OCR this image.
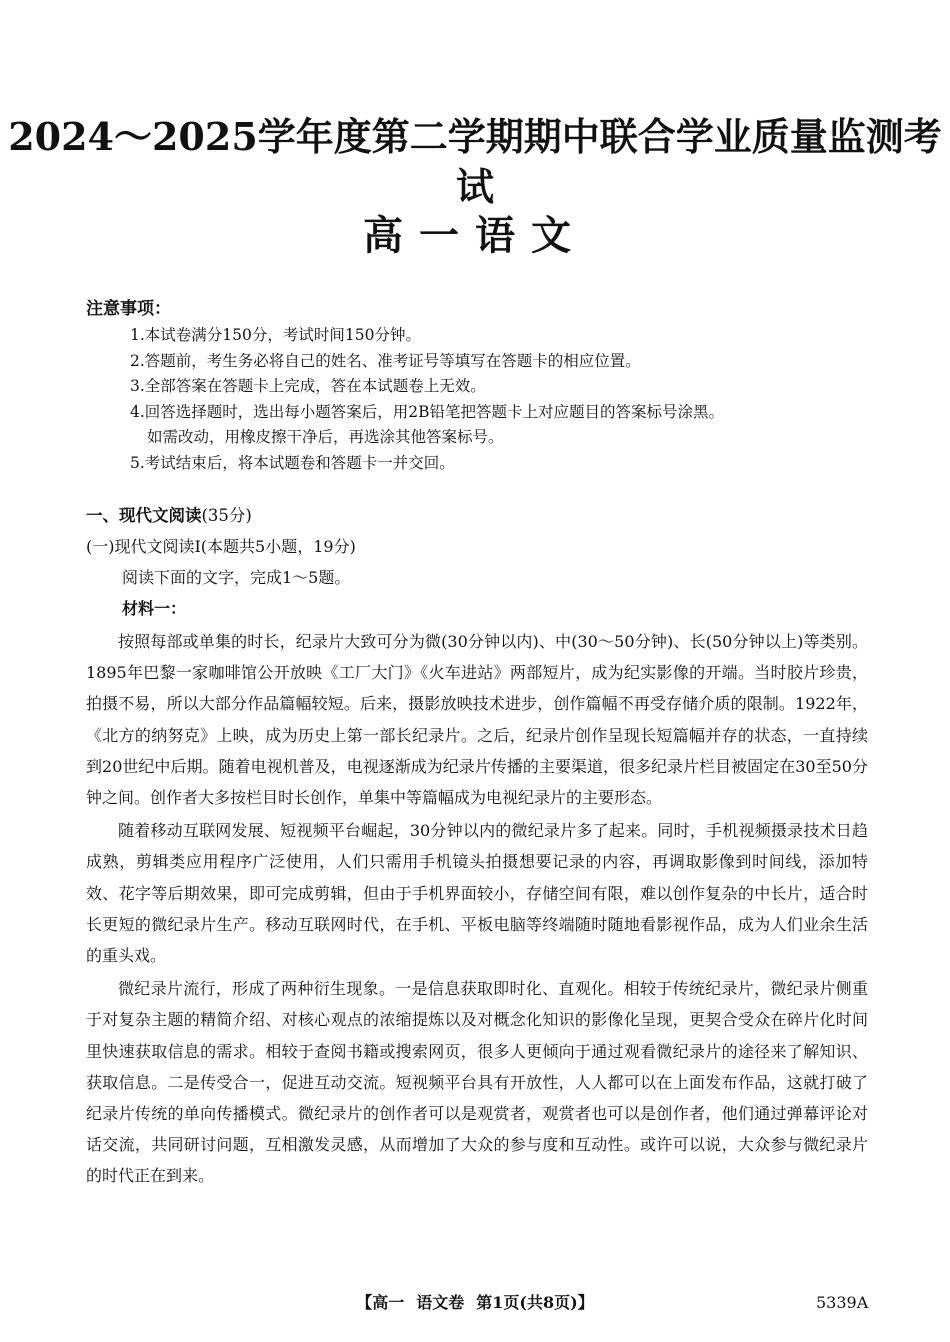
2024～2025学年度第二学期期中联合学业质量监测考试
高一语文
注意事项：
1.本试卷满分150分，考试时间150分钟。
2.答题前，考生务必将自己的姓名、准考证号等填写在答题卡的相应位置。
3.全部答案在答题卡上完成，答在本试题卷上无效。
4.回答选择题时，选出每小题答案后，用2B铅笔把答题卡上对应题目的答案标号涂黑。
如需改动，用橡皮擦干净后，再选涂其他答案标号。
5.考试结束后，将本试题卷和答题卡一并交回。
一、现代文阅读(35分)
(一)现代文阅读Ⅰ(本题共5小题，19分)
阅读下面的文字，完成1～5题。
材料一：

按照每部或单集的时长，纪录片大致可分为微(30分钟以内)、中(30～50分钟)、长(50分钟以上)等类别。1895年巴黎一家咖啡馆公开放映《工厂大门》《火车进站》两部短片，成为纪实影像的开端。当时胶片珍贵，拍摄不易，所以大部分作品篇幅较短。后来，摄影放映技术进步，创作篇幅不再受存储介质的限制。1922年，《北方的纳努克》上映，成为历史上第一部长纪录片。之后，纪录片创作呈现长短篇幅并存的状态，一直持续到20世纪中后期。随着电视机普及，电视逐渐成为纪录片传播的主要渠道，很多纪录片栏目被固定在30至50分钟之间。创作者大多按栏目时长创作，单集中等篇幅成为电视纪录片的主要形态。

随着移动互联网发展、短视频平台崛起，30分钟以内的微纪录片多了起来。同时，手机视频摄录技术日趋成熟，剪辑类应用程序广泛使用，人们只需用手机镜头拍摄想要记录的内容，再调取影像到时间线，添加特效、花字等后期效果，即可完成剪辑，但由于手机界面较小，存储空间有限，难以创作复杂的中长片，适合时长更短的微纪录片生产。移动互联网时代，在手机、平板电脑等终端随时随地看影视作品，成为人们业余生活的重头戏。

微纪录片流行，形成了两种衍生现象。一是信息获取即时化、直观化。相较于传统纪录片，微纪录片侧重于对复杂主题的精简介绍、对核心观点的浓缩提炼以及对概念化知识的影像化呈现，更契合受众在碎片化时间里快速获取信息的需求。相较于查阅书籍或搜索网页，很多人更倾向于通过观看微纪录片的途径来了解知识、获取信息。二是传受合一，促进互动交流。短视频平台具有开放性，人人都可以在上面发布作品，这就打破了纪录片传统的单向传播模式。微纪录片的创作者可以是观赏者，观赏者也可以是创作者，他们通过弹幕评论对话交流，共同研讨问题，互相激发灵感，从而增加了大众的参与度和互动性。或许可以说，大众参与微纪录片的时代正在到来。

【高一 语文卷 第1页(共8页)】	5339A
